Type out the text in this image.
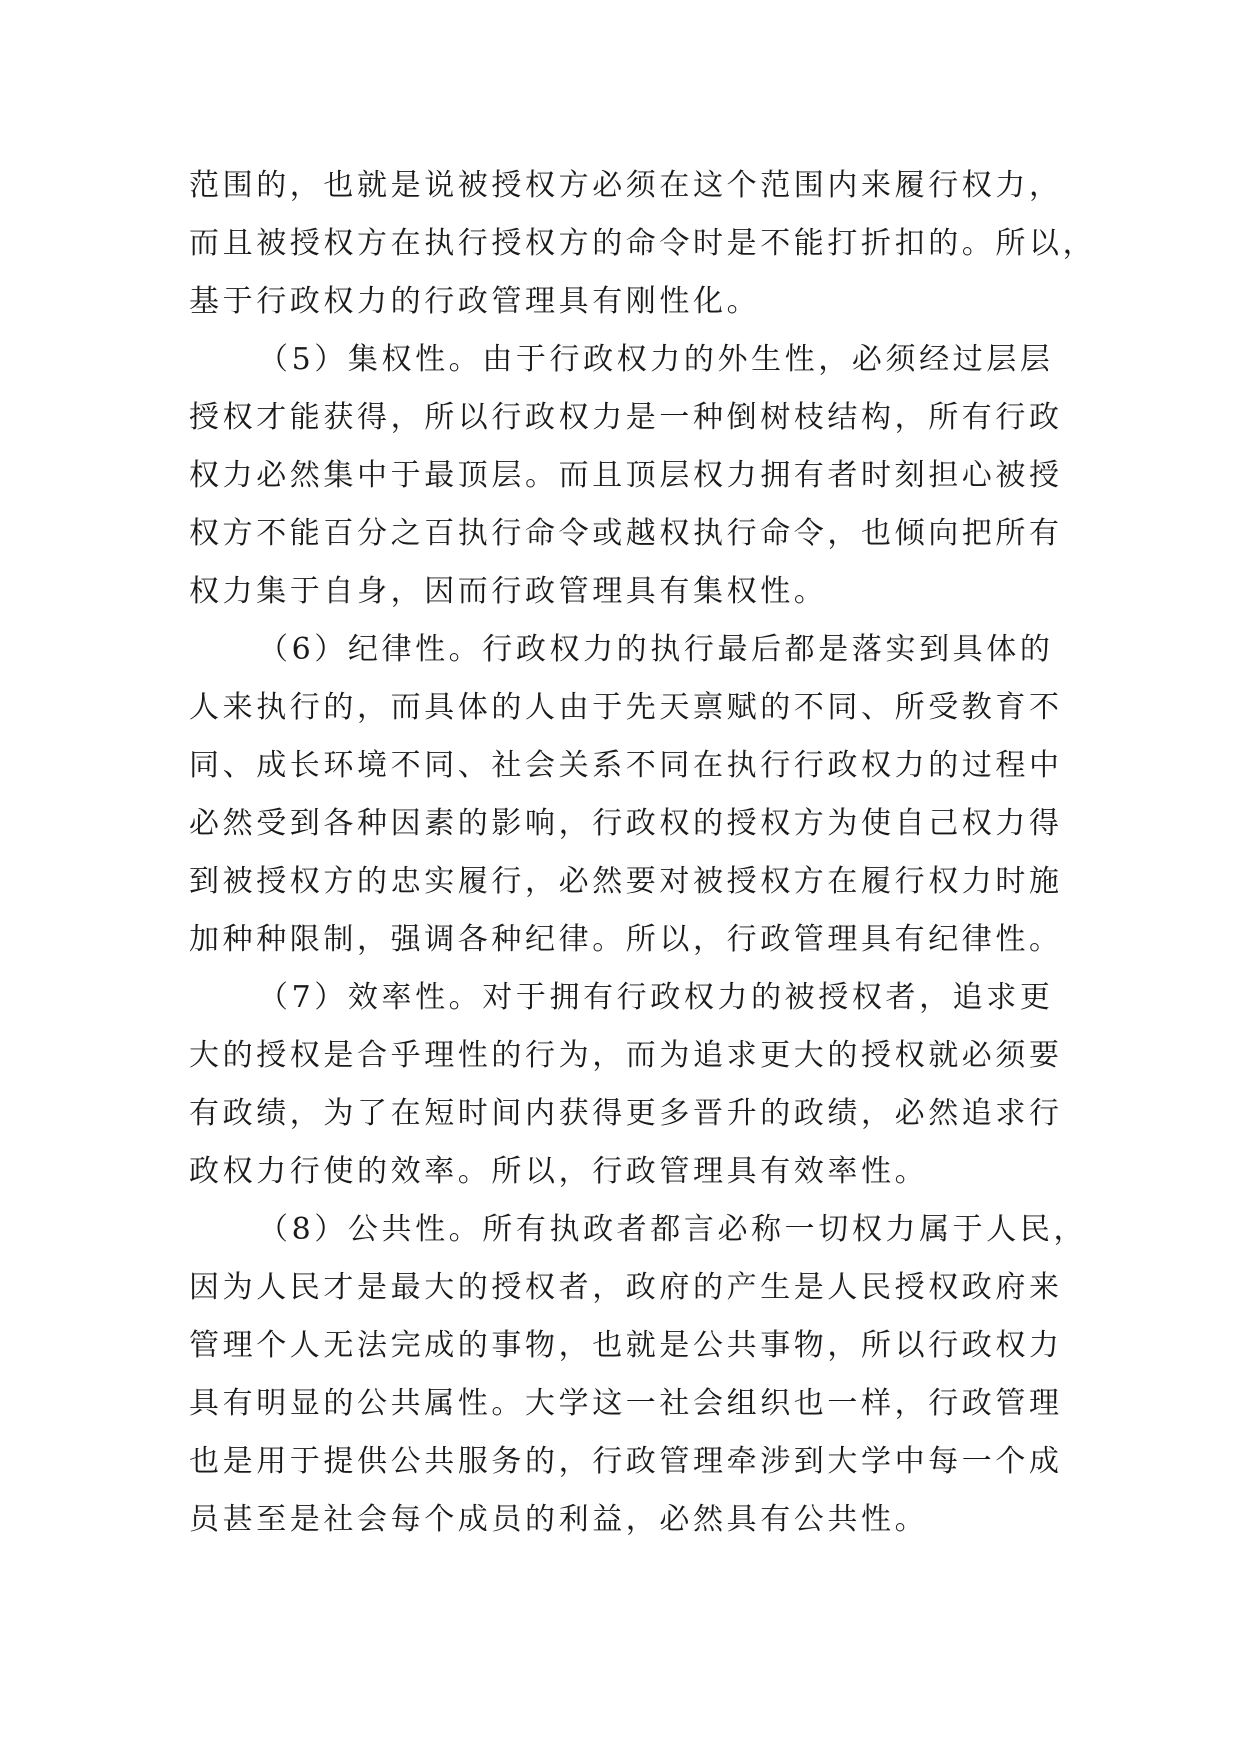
范围的，也就是说被授权方必须在这个范围内来履行权力，
而且被授权方在执行授权方的命令时是不能打折扣的。所以，
基于行政权力的行政管理具有刚性化。
（5）集权性。由于行政权力的外生性，必须经过层层
授权才能获得，所以行政权力是一种倒树枝结构，所有行政
权力必然集中于最顶层。而且顶层权力拥有者时刻担心被授
权方不能百分之百执行命令或越权执行命令，也倾向把所有
权力集于自身，因而行政管理具有集权性。
（6）纪律性。行政权力的执行最后都是落实到具体的
人来执行的，而具体的人由于先天禀赋的不同、所受教育不
同、成长环境不同、社会关系不同在执行行政权力的过程中
必然受到各种因素的影响，行政权的授权方为使自己权力得
到被授权方的忠实履行，必然要对被授权方在履行权力时施
加种种限制，强调各种纪律。所以，行政管理具有纪律性。
（7）效率性。对于拥有行政权力的被授权者，追求更
大的授权是合乎理性的行为，而为追求更大的授权就必须要
有政绩，为了在短时间内获得更多晋升的政绩，必然追求行
政权力行使的效率。所以，行政管理具有效率性。
（8）公共性。所有执政者都言必称一切权力属于人民，
因为人民才是最大的授权者，政府的产生是人民授权政府来
管理个人无法完成的事物，也就是公共事物，所以行政权力
具有明显的公共属性。大学这一社会组织也一样，行政管理
也是用于提供公共服务的，行政管理牵涉到大学中每一个成
员甚至是社会每个成员的利益，必然具有公共性。
